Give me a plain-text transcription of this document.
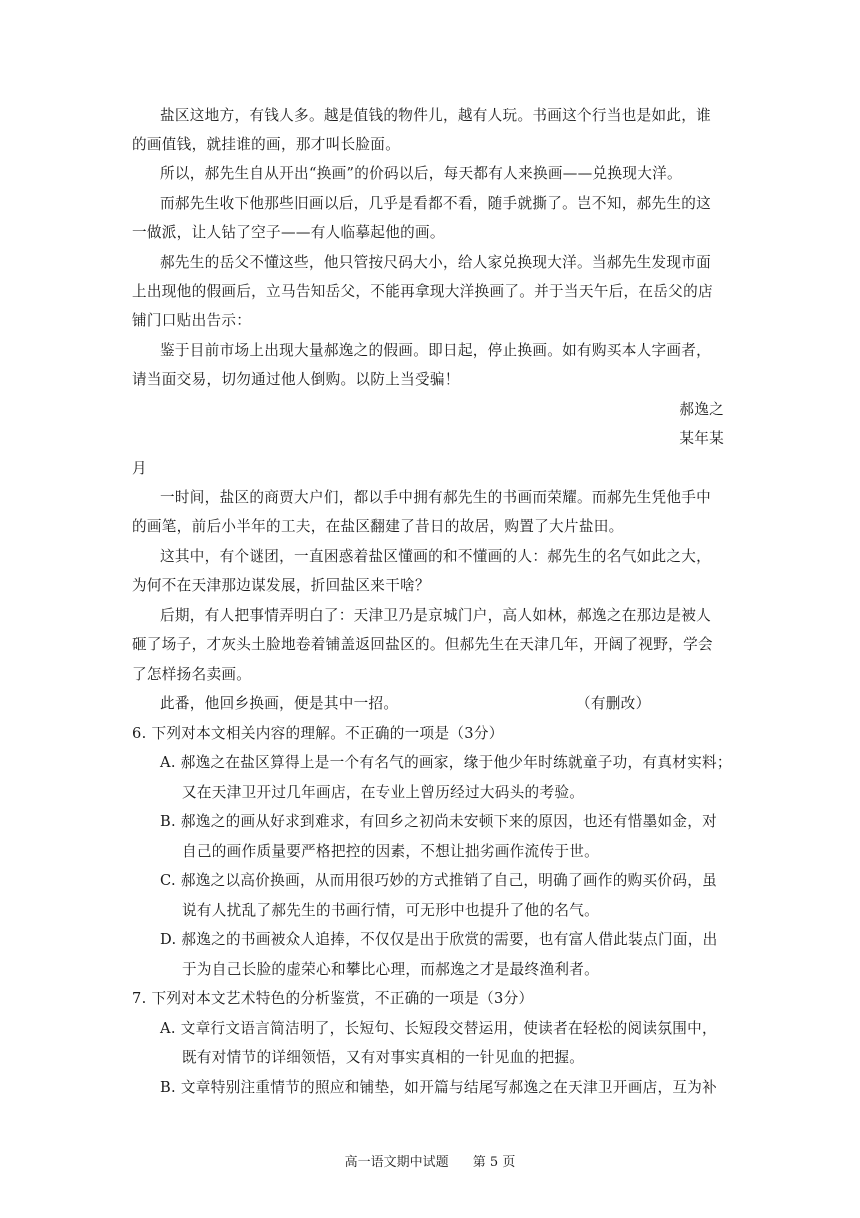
盐区这地方，有钱人多。越是值钱的物件儿，越有人玩。书画这个行当也是如此，谁
的画值钱，就挂谁的画，那才叫长脸面。
所以，郝先生自从开出“换画”的价码以后，每天都有人来换画——兑换现大洋。
而郝先生收下他那些旧画以后，几乎是看都不看，随手就撕了。岂不知，郝先生的这
一做派，让人钻了空子——有人临摹起他的画。
郝先生的岳父不懂这些，他只管按尺码大小，给人家兑换现大洋。当郝先生发现市面
上出现他的假画后，立马告知岳父，不能再拿现大洋换画了。并于当天午后，在岳父的店
铺门口贴出告示：
鉴于目前市场上出现大量郝逸之的假画。即日起，停止换画。如有购买本人字画者，
请当面交易，切勿通过他人倒购。以防上当受骗！
郝逸之
某年某
月
一时间，盐区的商贾大户们，都以手中拥有郝先生的书画而荣耀。而郝先生凭他手中
的画笔，前后小半年的工夫，在盐区翻建了昔日的故居，购置了大片盐田。
这其中，有个谜团，一直困惑着盐区懂画的和不懂画的人：郝先生的名气如此之大，
为何不在天津那边谋发展，折回盐区来干啥？
后期，有人把事情弄明白了：天津卫乃是京城门户，高人如林，郝逸之在那边是被人
砸了场子，才灰头土脸地卷着铺盖返回盐区的。但郝先生在天津几年，开阔了视野，学会
了怎样扬名卖画。
此番，他回乡换画，便是其中一招。	（有删改）
6. 下列对本文相关内容的理解。不正确的一项是（3分）
A. 郝逸之在盐区算得上是一个有名气的画家，缘于他少年时练就童子功，有真材实料；
又在天津卫开过几年画店，在专业上曾历经过大码头的考验。
B. 郝逸之的画从好求到难求，有回乡之初尚未安顿下来的原因，也还有惜墨如金，对
自己的画作质量要严格把控的因素，不想让拙劣画作流传于世。
C. 郝逸之以高价换画，从而用很巧妙的方式推销了自己，明确了画作的购买价码，虽
说有人扰乱了郝先生的书画行情，可无形中也提升了他的名气。
D. 郝逸之的书画被众人追捧，不仅仅是出于欣赏的需要，也有富人借此装点门面，出
于为自己长脸的虚荣心和攀比心理，而郝逸之才是最终渔利者。
7. 下列对本文艺术特色的分析鉴赏，不正确的一项是（3分）
A. 文章行文语言简洁明了，长短句、长短段交替运用，使读者在轻松的阅读氛围中，
既有对情节的详细领悟，又有对事实真相的一针见血的把握。
B. 文章特别注重情节的照应和铺垫，如开篇与结尾写郝逸之在天津卫开画店，互为补
高一语文期中试题 第 5 页
